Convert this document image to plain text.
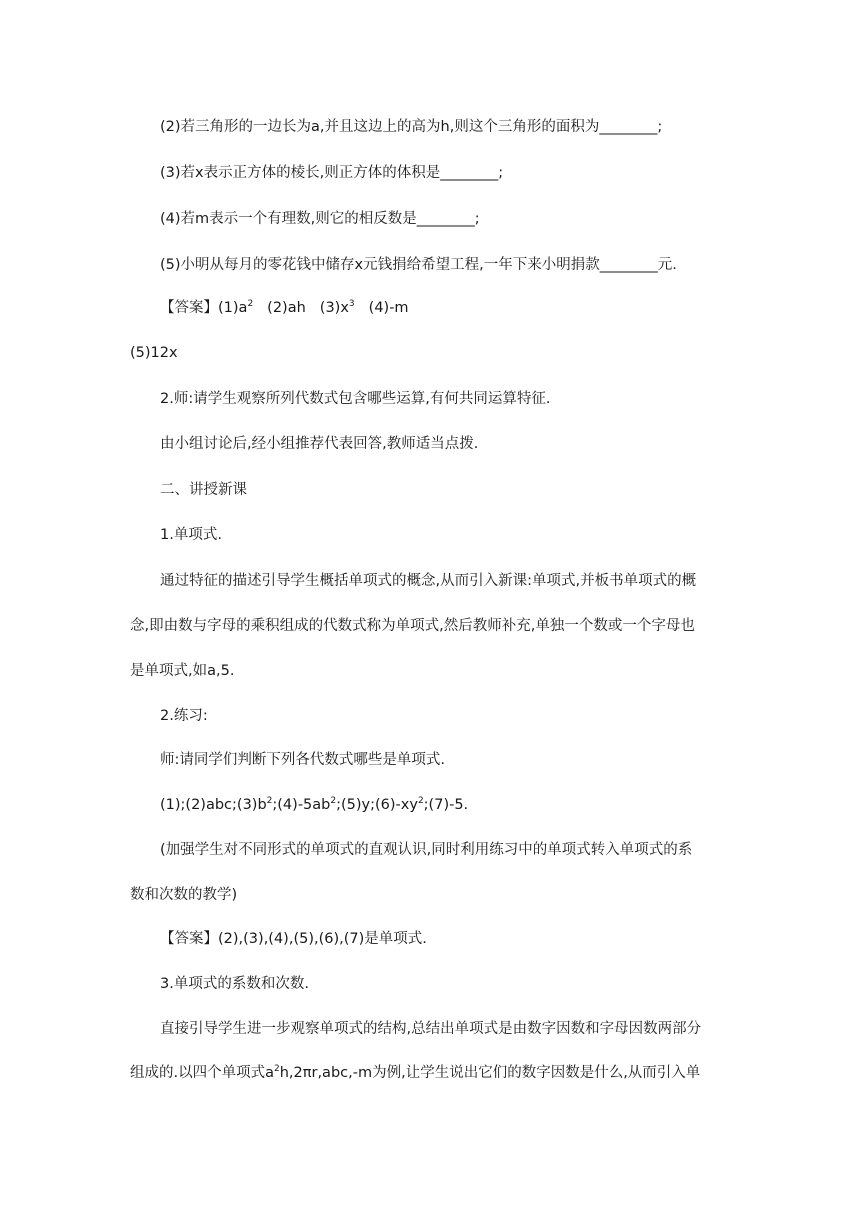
(2)若三角形的一边长为a,并且这边上的高为h,则这个三角形的面积为________;
(3)若x表示正方体的棱长,则正方体的体积是________;
(4)若m表示一个有理数,则它的相反数是________;
(5)小明从每月的零花钱中储存x元钱捐给希望工程,一年下来小明捐款________元.
【答案】$(1)a^2$ (2)ah $(3)x^3$ (4)-m
(5)12x
2.师:请学生观察所列代数式包含哪些运算,有何共同运算特征.
由小组讨论后,经小组推荐代表回答,教师适当点拨.
二、讲授新课
1.单项式.
通过特征的描述引导学生概括单项式的概念,从而引入新课:单项式,并板书单项式的概
念,即由数与字母的乘积组成的代数式称为单项式,然后教师补充,单独一个数或一个字母也
是单项式,如a,5.
2.练习:
师:请同学们判断下列各代数式哪些是单项式.
$(1);(2)abc;(3)b^2;(4)-5ab^2;(5)y;(6)-xy^2;(7)-5$.
(加强学生对不同形式的单项式的直观认识,同时利用练习中的单项式转入单项式的系
数和次数的教学)
【答案】(2),(3),(4),(5),(6),(7)是单项式.
3.单项式的系数和次数.
直接引导学生进一步观察单项式的结构,总结出单项式是由数字因数和字母因数两部分
组成的.以四个单项式$a^2h,2\pi r,abc,-m$为例,让学生说出它们的数字因数是什么,从而引入单
